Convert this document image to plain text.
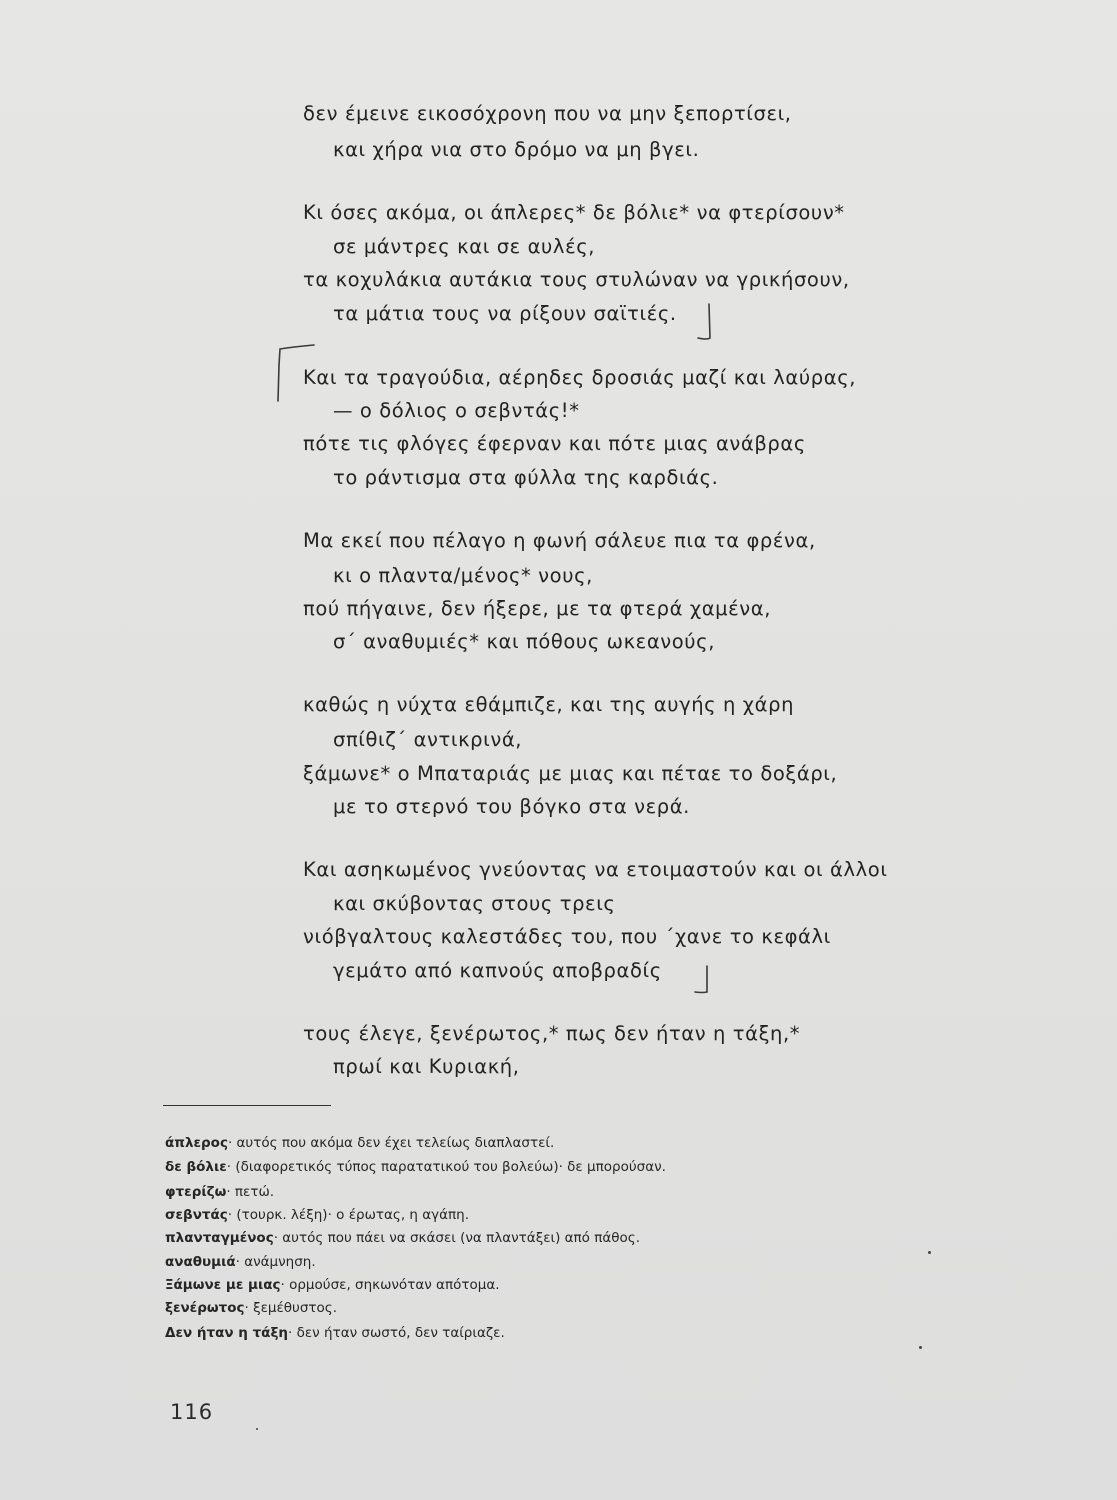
δεν έμεινε εικοσόχρονη που να μην ξεπορτίσει,
και χήρα νια στο δρόμο να μη βγει.
Κι όσες ακόμα, οι άπλερες* δε βόλιε* να φτερίσουν*
σε μάντρες και σε αυλές,
τα κοχυλάκια αυτάκια τους στυλώναν να γρικήσουν,
τα μάτια τους να ρίξουν σαϊτιές.
Και τα τραγούδια, αέρηδες δροσιάς μαζί και λαύρας,
— ο δόλιος ο σεβντάς!*
πότε τις φλόγες έφερναν και πότε μιας ανάβρας
το ράντισμα στα φύλλα της καρδιάς.
Μα εκεί που πέλαγο η φωνή σάλευε πια τα φρένα,
κι ο πλαντα/μένος* νους,
πού πήγαινε, δεν ήξερε, με τα φτερά χαμένα,
σ΄ αναθυμιές* και πόθους ωκεανούς,
καθώς η νύχτα εθάμπιζε, και της αυγής η χάρη
σπίθιζ΄ αντικρινά,
ξάμωνε* ο Μπαταριάς με μιας και πέταε το δοξάρι,
με το στερνό του βόγκο στα νερά.
Και ασηκωμένος γνεύοντας να ετοιμαστούν και οι άλλοι
και σκύβοντας στους τρεις
νιόβγαλτους καλεστάδες του, που ΄χανε το κεφάλι
γεμάτο από καπνούς αποβραδίς
τους έλεγε, ξενέρωτος,* πως δεν ήταν η τάξη,*
πρωί και Κυριακή,
άπλερος· αυτός που ακόμα δεν έχει τελείως διαπλαστεί.
δε βόλιε· (διαφορετικός τύπος παρατατικού του βολεύω)· δε μπορούσαν.
φτερίζω· πετώ.
σεβντάς· (τουρκ. λέξη)· ο έρωτας, η αγάπη.
πλανταγμένος· αυτός που πάει να σκάσει (να πλαντάξει) από πάθος.
αναθυμιά· ανάμνηση.
Ξάμωνε με μιας· ορμούσε, σηκωνόταν απότομα.
ξενέρωτος· ξεμέθυστος.
Δεν ήταν η τάξη· δεν ήταν σωστό, δεν ταίριαζε.
116
